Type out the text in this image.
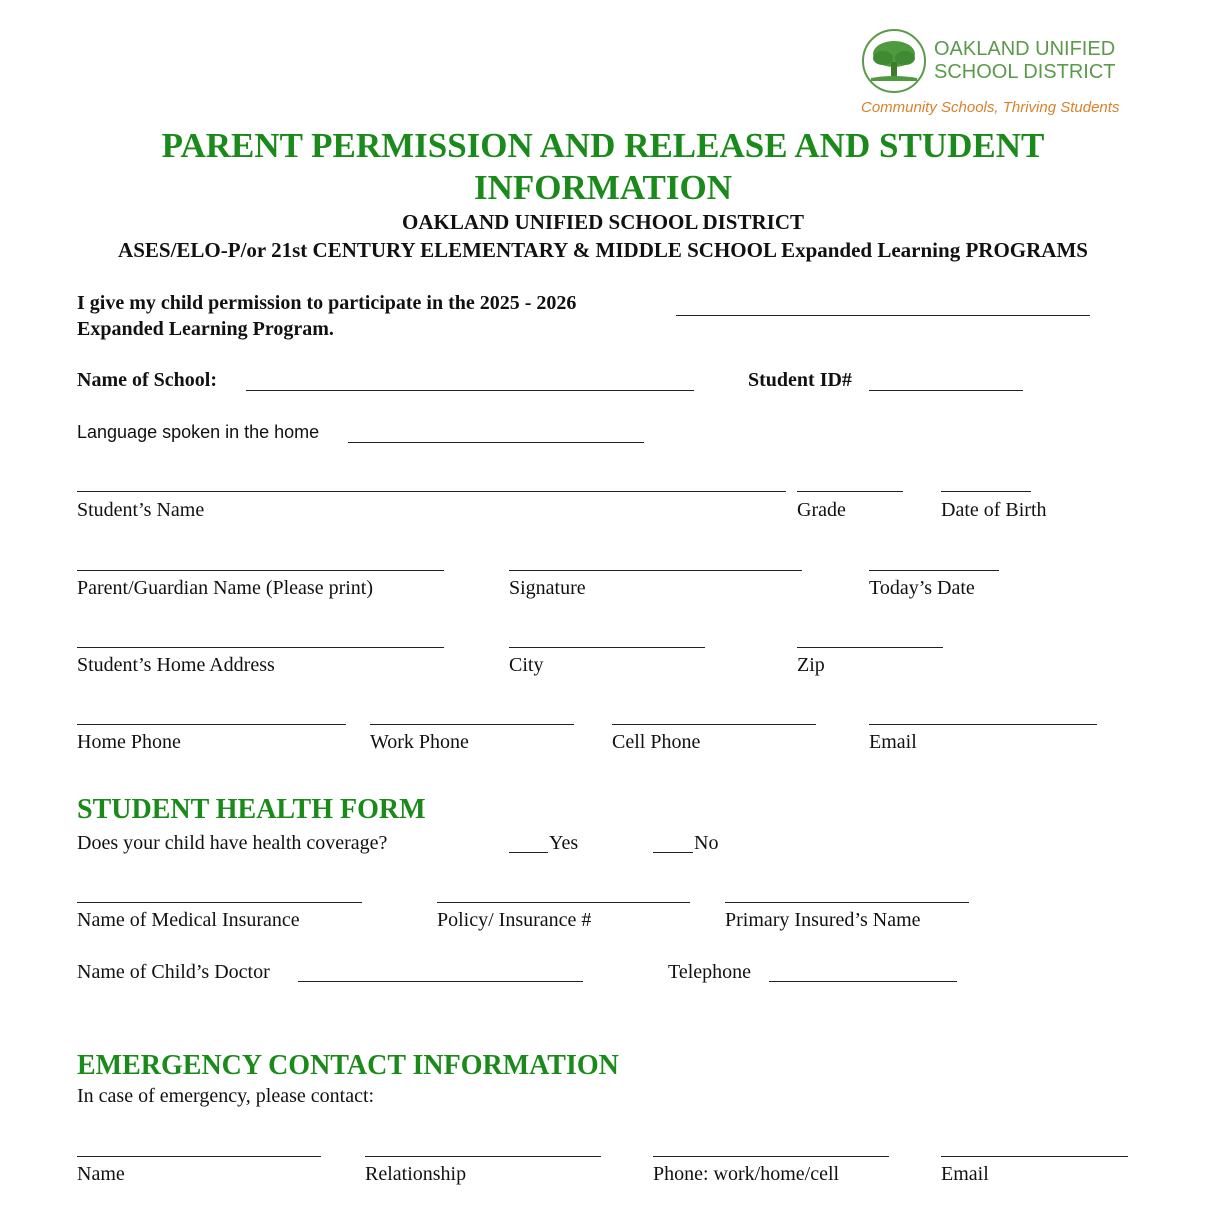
OAKLAND UNIFIED
SCHOOL DISTRICT
Community Schools, Thriving Students
PARENT PERMISSION AND RELEASE AND STUDENT
INFORMATION
OAKLAND UNIFIED SCHOOL DISTRICT
ASES/ELO-P/or 21st CENTURY ELEMENTARY & MIDDLE SCHOOL Expanded Learning PROGRAMS
I give my child permission to participate in the 2025 - 2026
Expanded Learning Program.
Name of School:	Student ID#
Language spoken in the home
Student’s Name	Grade	Date of Birth
Parent/Guardian Name (Please print)	Signature	Today’s Date
Student’s Home Address	City	Zip
Home Phone	Work Phone	Cell Phone	Email
STUDENT HEALTH FORM
Does your child have health coverage?	Yes	No
Name of Medical Insurance	Policy/ Insurance #	Primary Insured’s Name
Name of Child’s Doctor	Telephone
EMERGENCY CONTACT INFORMATION
In case of emergency, please contact:
Name	Relationship	Phone: work/home/cell	Email
